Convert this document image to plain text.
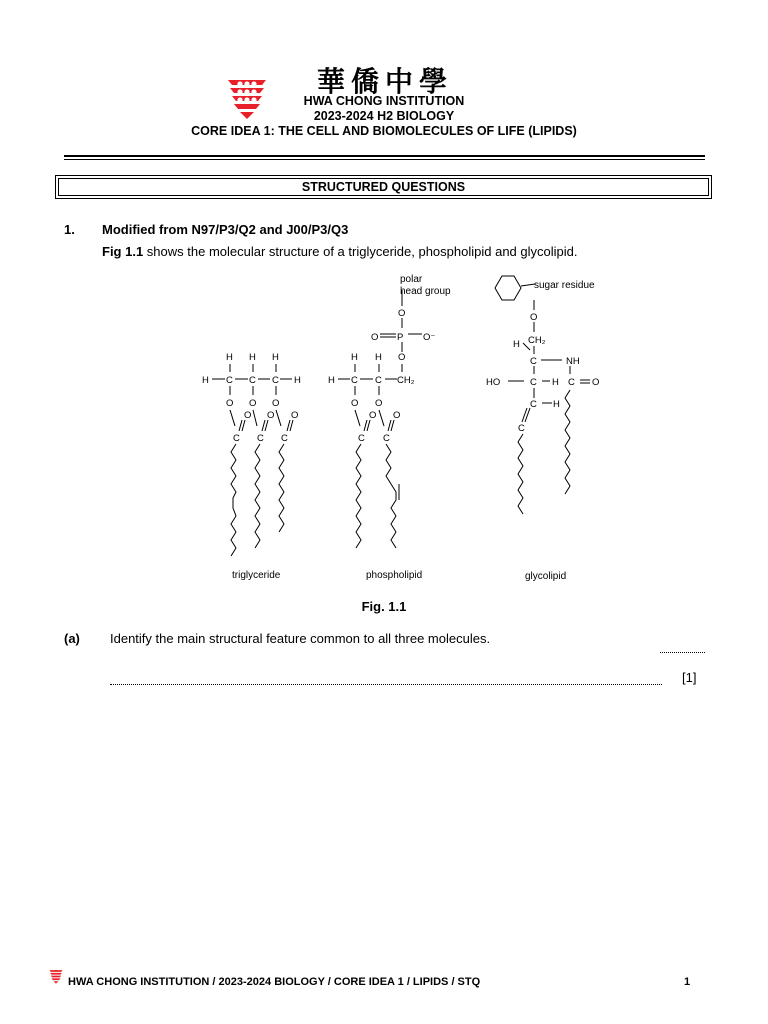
華僑中學
HWA CHONG INSTITUTION
2023-2024 H2 BIOLOGY
CORE IDEA 1: THE CELL AND BIOMOLECULES OF LIFE (LIPIDS)
STRUCTURED QUESTIONS
1. Modified from N97/P3/Q2 and J00/P3/Q3
Fig 1.1 shows the molecular structure of a triglyceride, phospholipid and glycolipid.
H H H
H C C C H
O O O
O O O
C C C
O
O P O⁻
H H O
H C C CH₂
O O
O O
C C
O
CH₂
H
C	NH
HO	C H C O
C H
C
polar
head group
sugar residue
triglyceride	phospholipid	glycolipid
Fig. 1.1
(a) Identify the main structural feature common to all three molecules.
[1]
HWA CHONG INSTITUTION / 2023-2024 BIOLOGY / CORE IDEA 1 / LIPIDS / STQ	1
